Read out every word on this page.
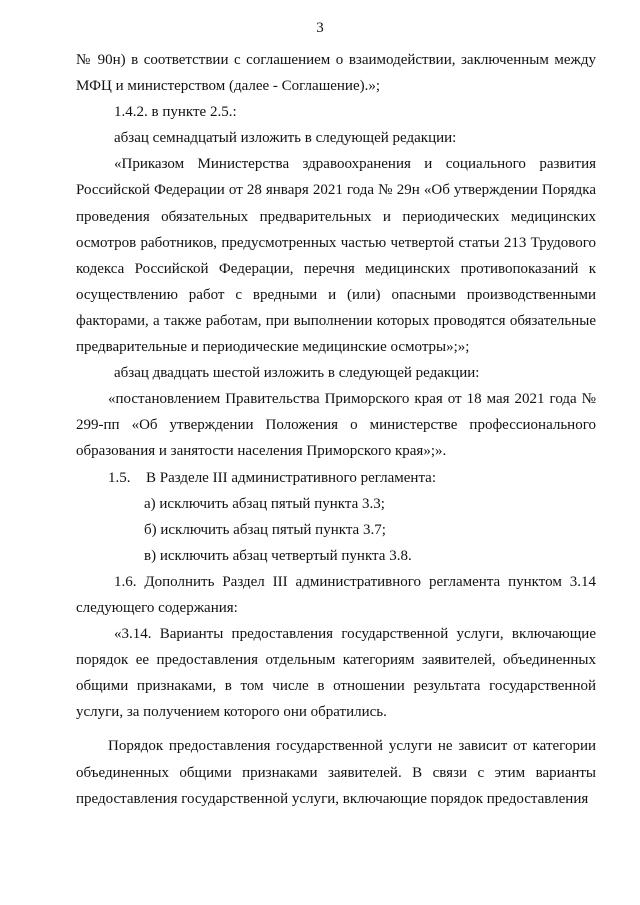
3

№ 90н) в соответствии с соглашением о взаимодействии, заключенным между МФЦ и министерством (далее - Соглашение).»;

1.4.2. в пункте 2.5.:

абзац семнадцатый изложить в следующей редакции:

«Приказом Министерства здравоохранения и социального развития Российской Федерации от 28 января 2021 года № 29н «Об утверждении Порядка проведения обязательных предварительных и периодических медицинских осмотров работников, предусмотренных частью четвертой статьи 213 Трудового кодекса Российской Федерации, перечня медицинских противопоказаний к осуществлению работ с вредными и (или) опасными производственными факторами, а также работам, при выполнении которых проводятся обязательные предварительные и периодические медицинские осмотры»;»;

абзац двадцать шестой изложить в следующей редакции:

«постановлением Правительства Приморского края от 18 мая 2021 года № 299-пп «Об утверждении Положения о министерстве профессионального образования и занятости населения Приморского края»;».

1.5. В Разделе III административного регламента:

а) исключить абзац пятый пункта 3.3;

б) исключить абзац пятый пункта 3.7;

в) исключить абзац четвертый пункта 3.8.

1.6. Дополнить Раздел III административного регламента пунктом 3.14 следующего содержания:

«3.14. Варианты предоставления государственной услуги, включающие порядок ее предоставления отдельным категориям заявителей, объединенных общими признаками, в том числе в отношении результата государственной услуги, за получением которого они обратились.

Порядок предоставления государственной услуги не зависит от категории объединенных общими признаками заявителей. В связи с этим варианты предоставления государственной услуги, включающие порядок предоставления
